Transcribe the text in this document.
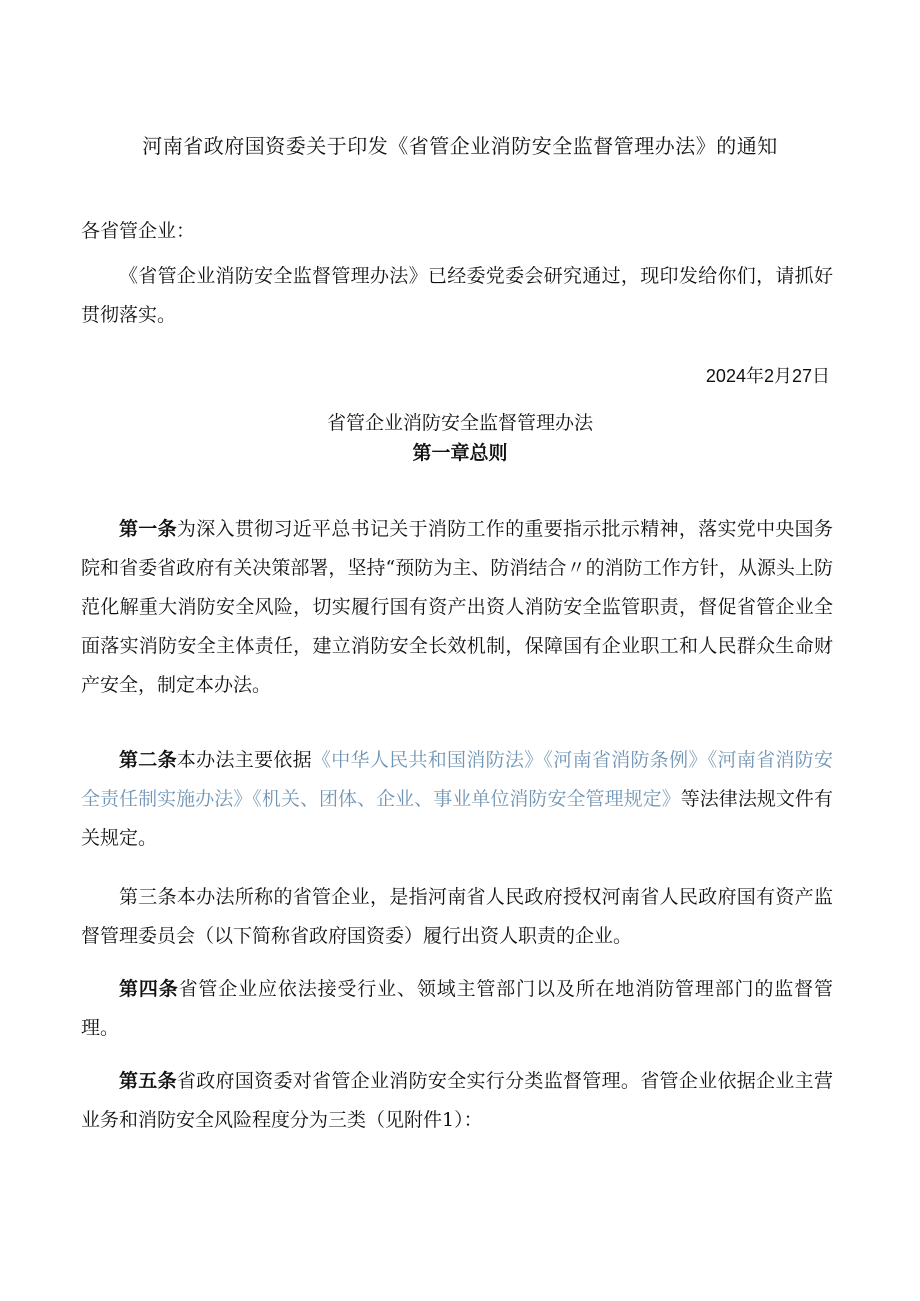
河南省政府国资委关于印发《省管企业消防安全监督管理办法》的通知
各省管企业：

《省管企业消防安全监督管理办法》已经委党委会研究通过，现印发给你们，请抓好贯彻落实。

2024年2月27日
省管企业消防安全监督管理办法
第一章总则

第一条为深入贯彻习近平总书记关于消防工作的重要指示批示精神，落实党中央国务院和省委省政府有关决策部署，坚持“预防为主、防消结合〃的消防工作方针，从源头上防范化解重大消防安全风险，切实履行国有资产出资人消防安全监管职责，督促省管企业全面落实消防安全主体责任，建立消防安全长效机制，保障国有企业职工和人民群众生命财产安全，制定本办法。

第二条本办法主要依据《中华人民共和国消防法》《河南省消防条例》《河南省消防安全责任制实施办法》《机关、团体、企业、事业单位消防安全管理规定》等法律法规文件有关规定。

第三条本办法所称的省管企业，是指河南省人民政府授权河南省人民政府国有资产监督管理委员会（以下简称省政府国资委）履行出资人职责的企业。

第四条省管企业应依法接受行业、领域主管部门以及所在地消防管理部门的监督管理。

第五条省政府国资委对省管企业消防安全实行分类监督管理。省管企业依据企业主营业务和消防安全风险程度分为三类（见附件1）：
